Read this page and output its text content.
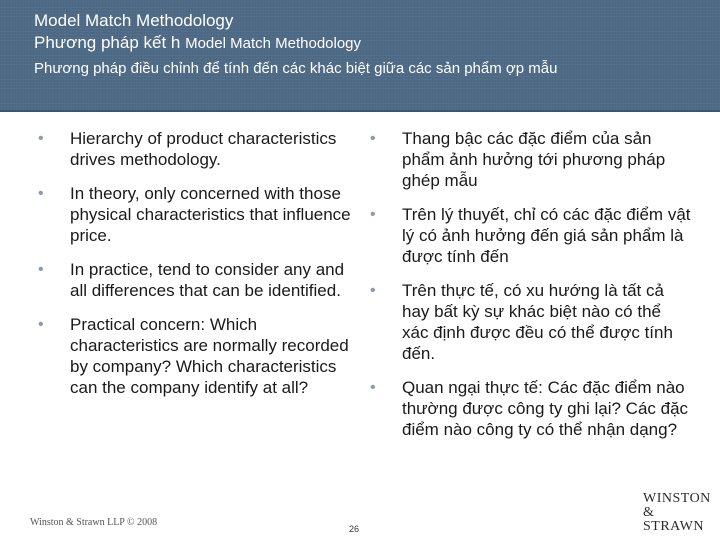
Model Match Methodology

Phương pháp kết h Model Match Methodology

Phương pháp điều chỉnh để tính đến các khác biệt giữa các sản phẩm ợp mẫu

• Hierarchy of product characteristics drives methodology.

• In theory, only concerned with those physical characteristics that influence price.

• In practice, tend to consider any and all differences that can be identified.

• Practical concern: Which characteristics are normally recorded by company? Which characteristics can the company identify at all?

• Thang bậc các đặc điểm của sản phẩm ảnh hưởng tới phương pháp ghép mẫu

• Trên lý thuyết, chỉ có các đặc điểm vật lý có ảnh hưởng đến giá sản phẩm là được tính đến

• Trên thực tế, có xu hướng là tất cả hay bất kỳ sự khác biệt nào có thể xác định được đều có thể được tính đến.

• Quan ngại thực tế: Các đặc điểm nào thường được công ty ghi lại? Các đặc điểm nào công ty có thể nhận dạng?

Winston & Strawn LLP © 2008
26
WINSTON
& STRAWN
